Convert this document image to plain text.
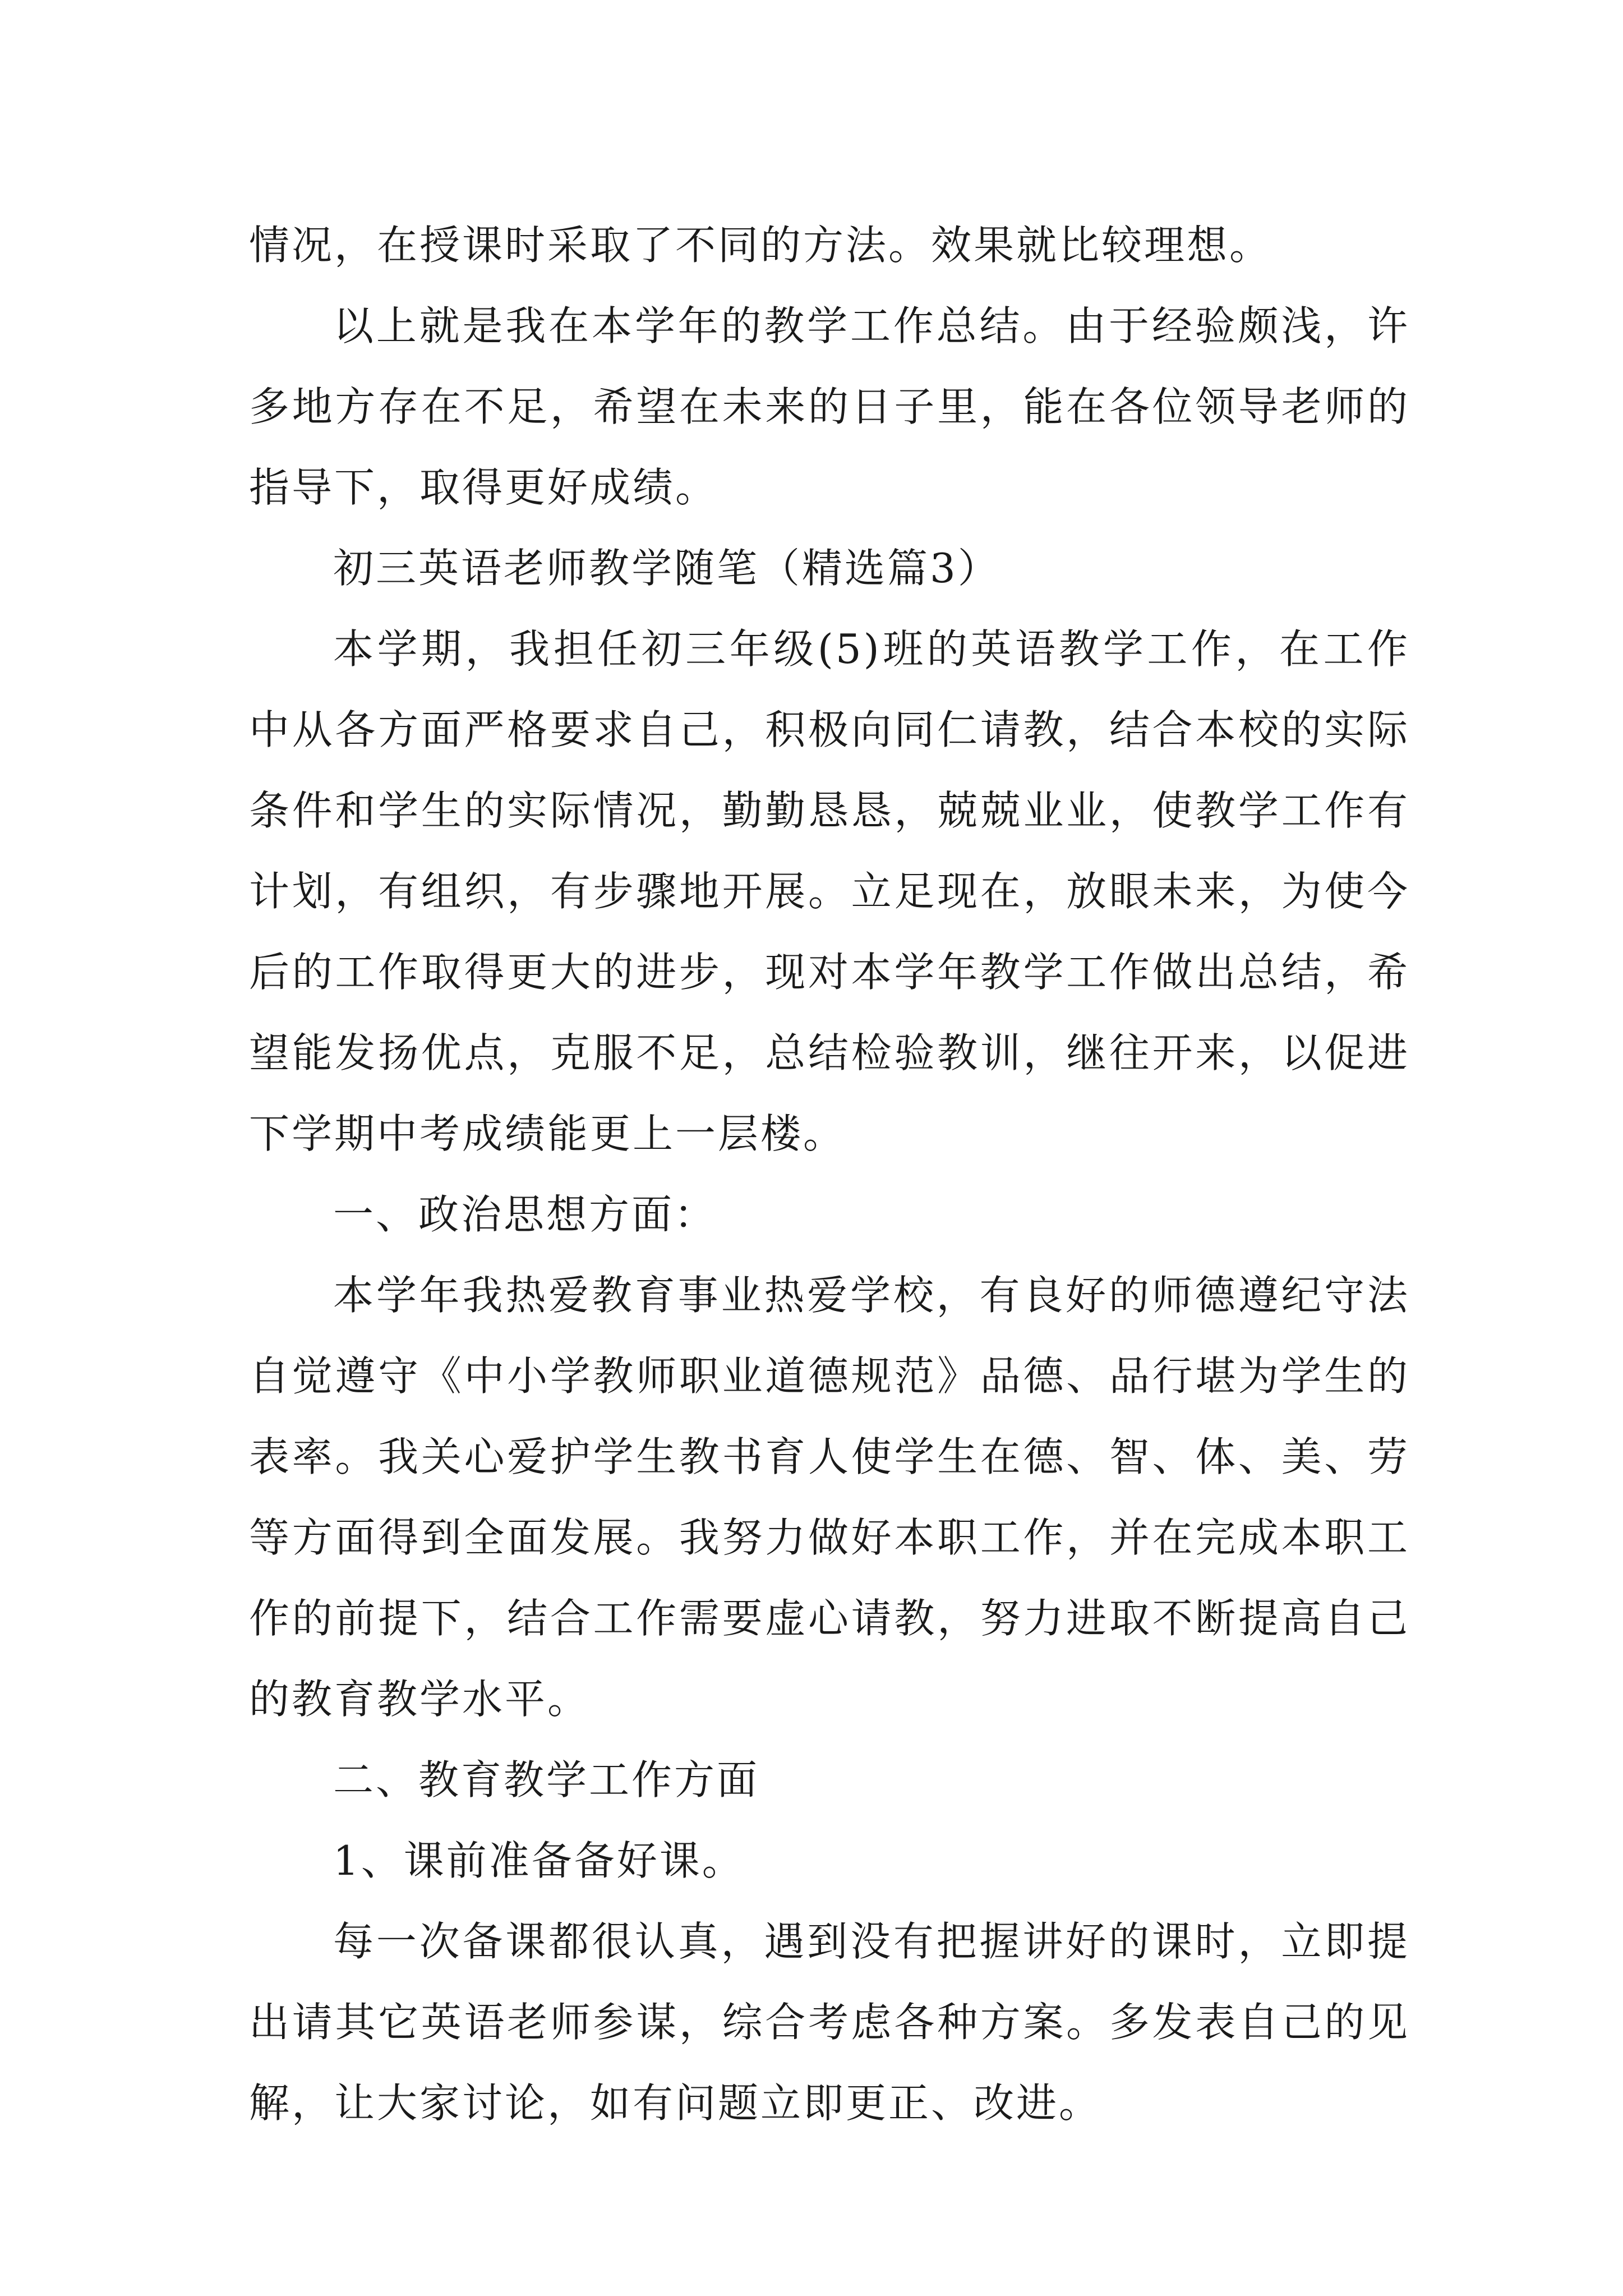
情况，在授课时采取了不同的方法。效果就比较理想。

以上就是我在本学年的教学工作总结。由于经验颇浅，许多地方存在不足，希望在未来的日子里，能在各位领导老师的指导下，取得更好成绩。

初三英语老师教学随笔（精选篇3）

本学期，我担任初三年级(5)班的英语教学工作，在工作中从各方面严格要求自己，积极向同仁请教，结合本校的实际条件和学生的实际情况，勤勤恳恳，兢兢业业，使教学工作有计划，有组织，有步骤地开展。立足现在，放眼未来，为使今后的工作取得更大的进步，现对本学年教学工作做出总结，希望能发扬优点，克服不足，总结检验教训，继往开来，以促进下学期中考成绩能更上一层楼。

一、政治思想方面：

本学年我热爱教育事业热爱学校，有良好的师德遵纪守法自觉遵守《中小学教师职业道德规范》品德、品行堪为学生的表率。我关心爱护学生教书育人使学生在德、智、体、美、劳等方面得到全面发展。我努力做好本职工作，并在完成本职工作的前提下，结合工作需要虚心请教，努力进取不断提高自己的教育教学水平。

二、教育教学工作方面

1、课前准备备好课。

每一次备课都很认真，遇到没有把握讲好的课时，立即提出请其它英语老师参谋，综合考虑各种方案。多发表自己的见解，让大家讨论，如有问题立即更正、改进。
